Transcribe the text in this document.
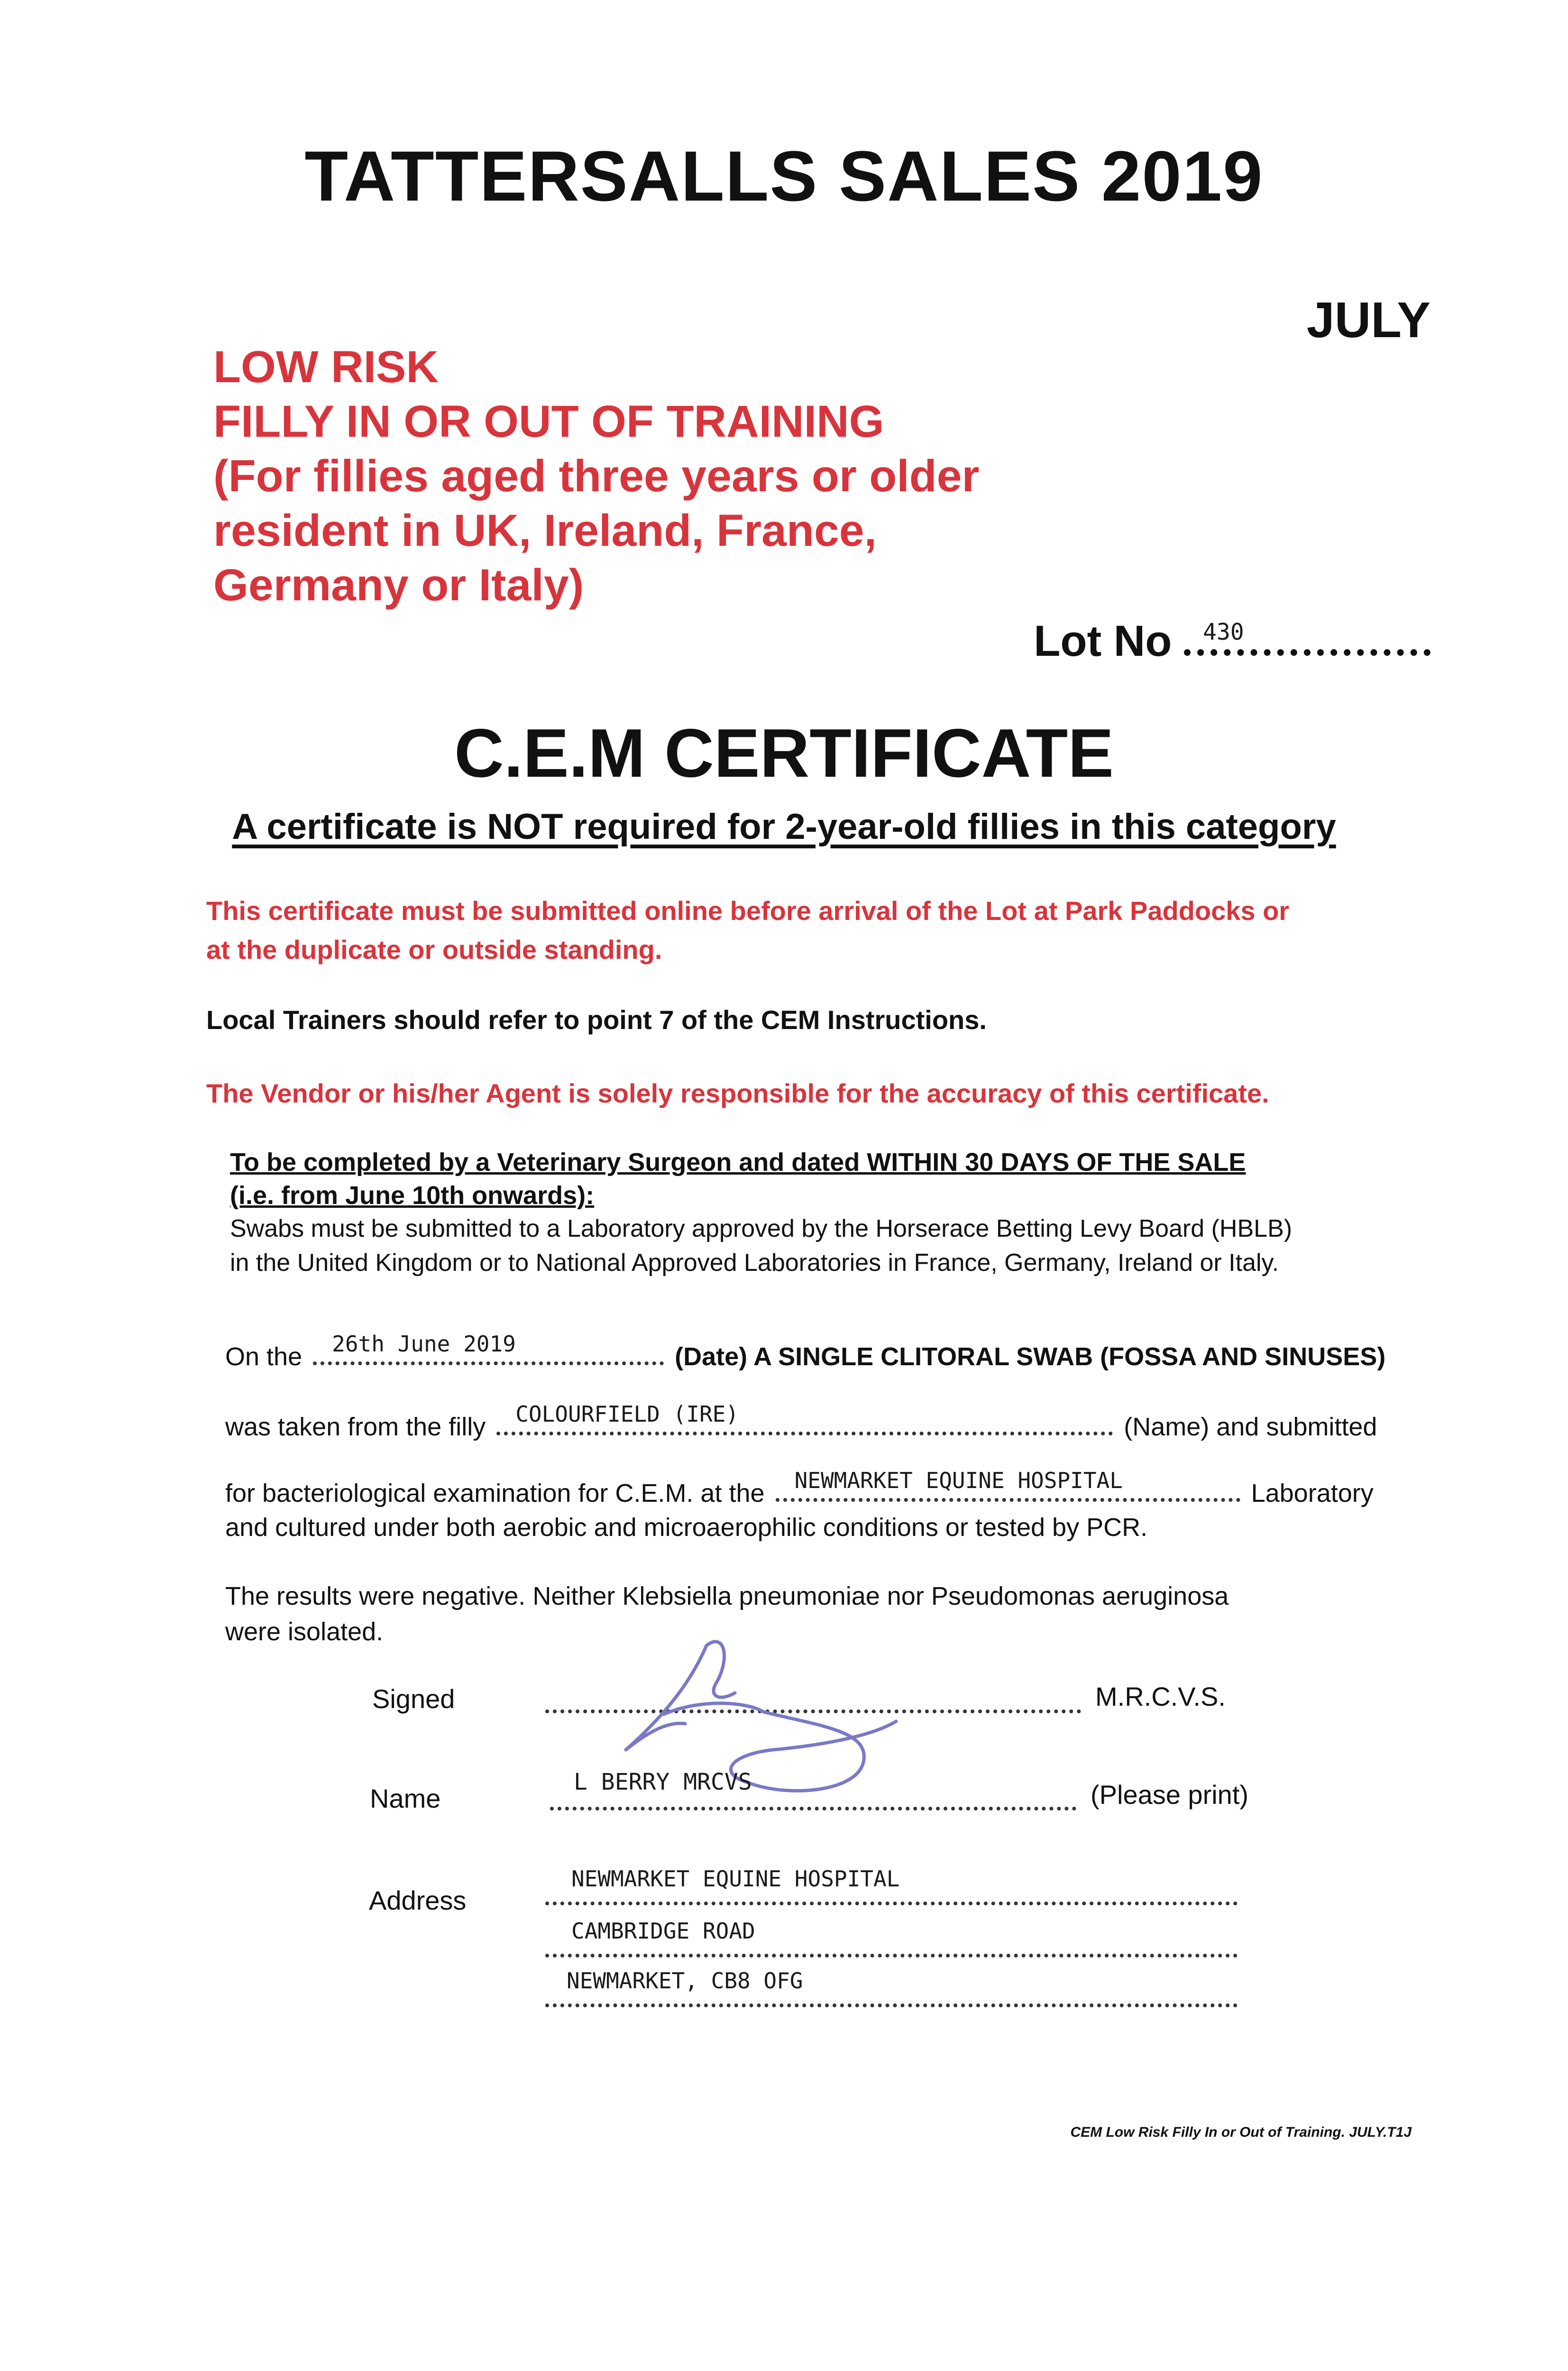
TATTERSALLS SALES 2019
JULY
LOW RISK
FILLY IN OR OUT OF TRAINING
(For fillies aged three years or older
resident in UK, Ireland, France,
Germany or Italy)
Lot No 430
C.E.M CERTIFICATE
A certificate is NOT required for 2-year-old fillies in this category
This certificate must be submitted online before arrival of the Lot at Park Paddocks or
at the duplicate or outside standing.
Local Trainers should refer to point 7 of the CEM Instructions.
The Vendor or his/her Agent is solely responsible for the accuracy of this certificate.
To be completed by a Veterinary Surgeon and dated WITHIN 30 DAYS OF THE SALE
(i.e. from June 10th onwards):
Swabs must be submitted to a Laboratory approved by the Horserace Betting Levy Board (HBLB)
in the United Kingdom or to National Approved Laboratories in France, Germany, Ireland or Italy.
On the 26th June 2019	(Date) A SINGLE CLITORAL SWAB (FOSSA AND SINUSES)
was taken from the filly COLOURFIELD (IRE)	(Name) and submitted
for bacteriological examination for C.E.M. at the NEWMARKET EQUINE HOSPITAL	Laboratory
and cultured under both aerobic and microaerophilic conditions or tested by PCR.
The results were negative. Neither Klebsiella pneumoniae nor Pseudomonas aeruginosa
were isolated.
Signed	M.R.C.V.S.
Name
L BERRY MRCVS	(Please print)
Address
NEWMARKET EQUINE HOSPITAL
CAMBRIDGE ROAD
NEWMARKET, CB8 OFG
CEM Low Risk Filly In or Out of Training. JULY.T1J
